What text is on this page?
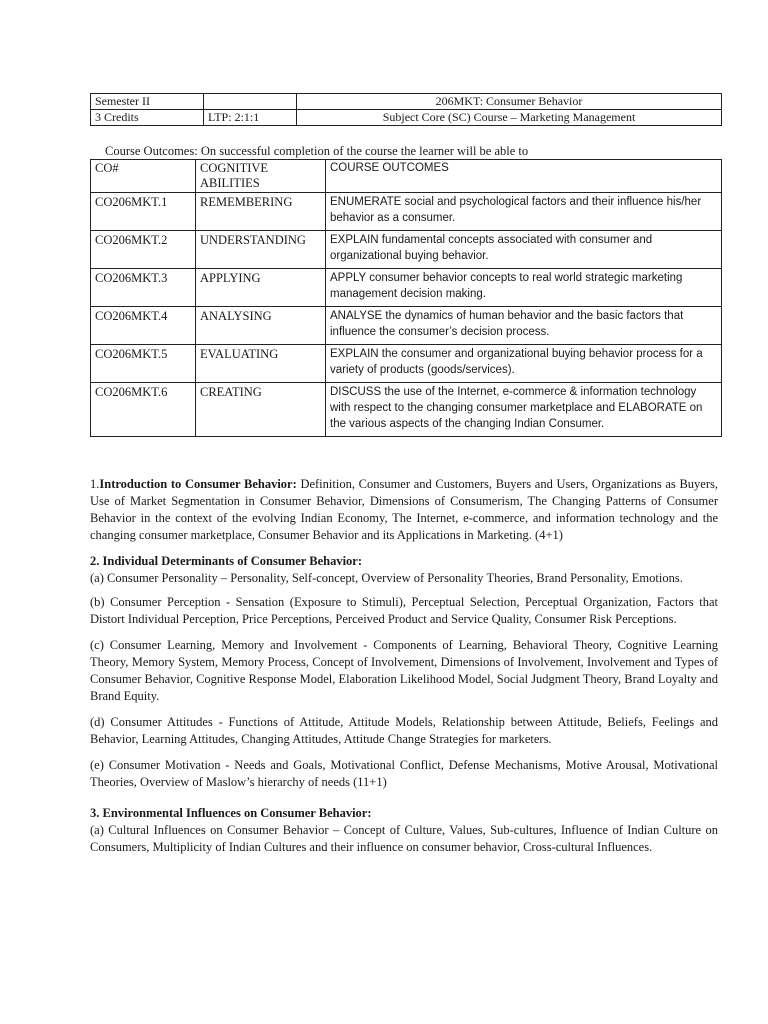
Semester II		206MKT: Consumer Behavior
3 Credits	LTP: 2:1:1	Subject Core (SC) Course – Marketing Management
Course Outcomes: On successful completion of the course the learner will be able to
CO#	COGNITIVE ABILITIES	COURSE OUTCOMES
CO206MKT.1	REMEMBERING	ENUMERATE social and psychological factors and their influence his/her behavior as a consumer.
CO206MKT.2	UNDERSTANDING	EXPLAIN fundamental concepts associated with consumer and organizational buying behavior.
CO206MKT.3	APPLYING	APPLY consumer behavior concepts to real world strategic marketing management decision making.
CO206MKT.4	ANALYSING	ANALYSE the dynamics of human behavior and the basic factors that influence the consumer’s decision process.
CO206MKT.5	EVALUATING	EXPLAIN the consumer and organizational buying behavior process for a variety of products (goods/services).
CO206MKT.6	CREATING	DISCUSS the use of the Internet, e-commerce & information technology with respect to the changing consumer marketplace and ELABORATE on the various aspects of the changing Indian Consumer.

1.Introduction to Consumer Behavior: Definition, Consumer and Customers, Buyers and Users, Organizations as Buyers, Use of Market Segmentation in Consumer Behavior, Dimensions of Consumerism, The Changing Patterns of Consumer Behavior in the context of the evolving Indian Economy, The Internet, e-commerce, and information technology and the changing consumer marketplace, Consumer Behavior and its Applications in Marketing. (4+1)

2. Individual Determinants of Consumer Behavior:
(a) Consumer Personality – Personality, Self-concept, Overview of Personality Theories, Brand Personality, Emotions.

(b) Consumer Perception - Sensation (Exposure to Stimuli), Perceptual Selection, Perceptual Organization, Factors that Distort Individual Perception, Price Perceptions, Perceived Product and Service Quality, Consumer Risk Perceptions.

(c) Consumer Learning, Memory and Involvement - Components of Learning, Behavioral Theory, Cognitive Learning Theory, Memory System, Memory Process, Concept of Involvement, Dimensions of Involvement, Involvement and Types of Consumer Behavior, Cognitive Response Model, Elaboration Likelihood Model, Social Judgment Theory, Brand Loyalty and Brand Equity.

(d) Consumer Attitudes - Functions of Attitude, Attitude Models, Relationship between Attitude, Beliefs, Feelings and Behavior, Learning Attitudes, Changing Attitudes, Attitude Change Strategies for marketers.

(e) Consumer Motivation - Needs and Goals, Motivational Conflict, Defense Mechanisms, Motive Arousal, Motivational Theories, Overview of Maslow’s hierarchy of needs (11+1)

3. Environmental Influences on Consumer Behavior:
(a) Cultural Influences on Consumer Behavior – Concept of Culture, Values, Sub-cultures, Influence of Indian Culture on Consumers, Multiplicity of Indian Cultures and their influence on consumer behavior, Cross-cultural Influences.
